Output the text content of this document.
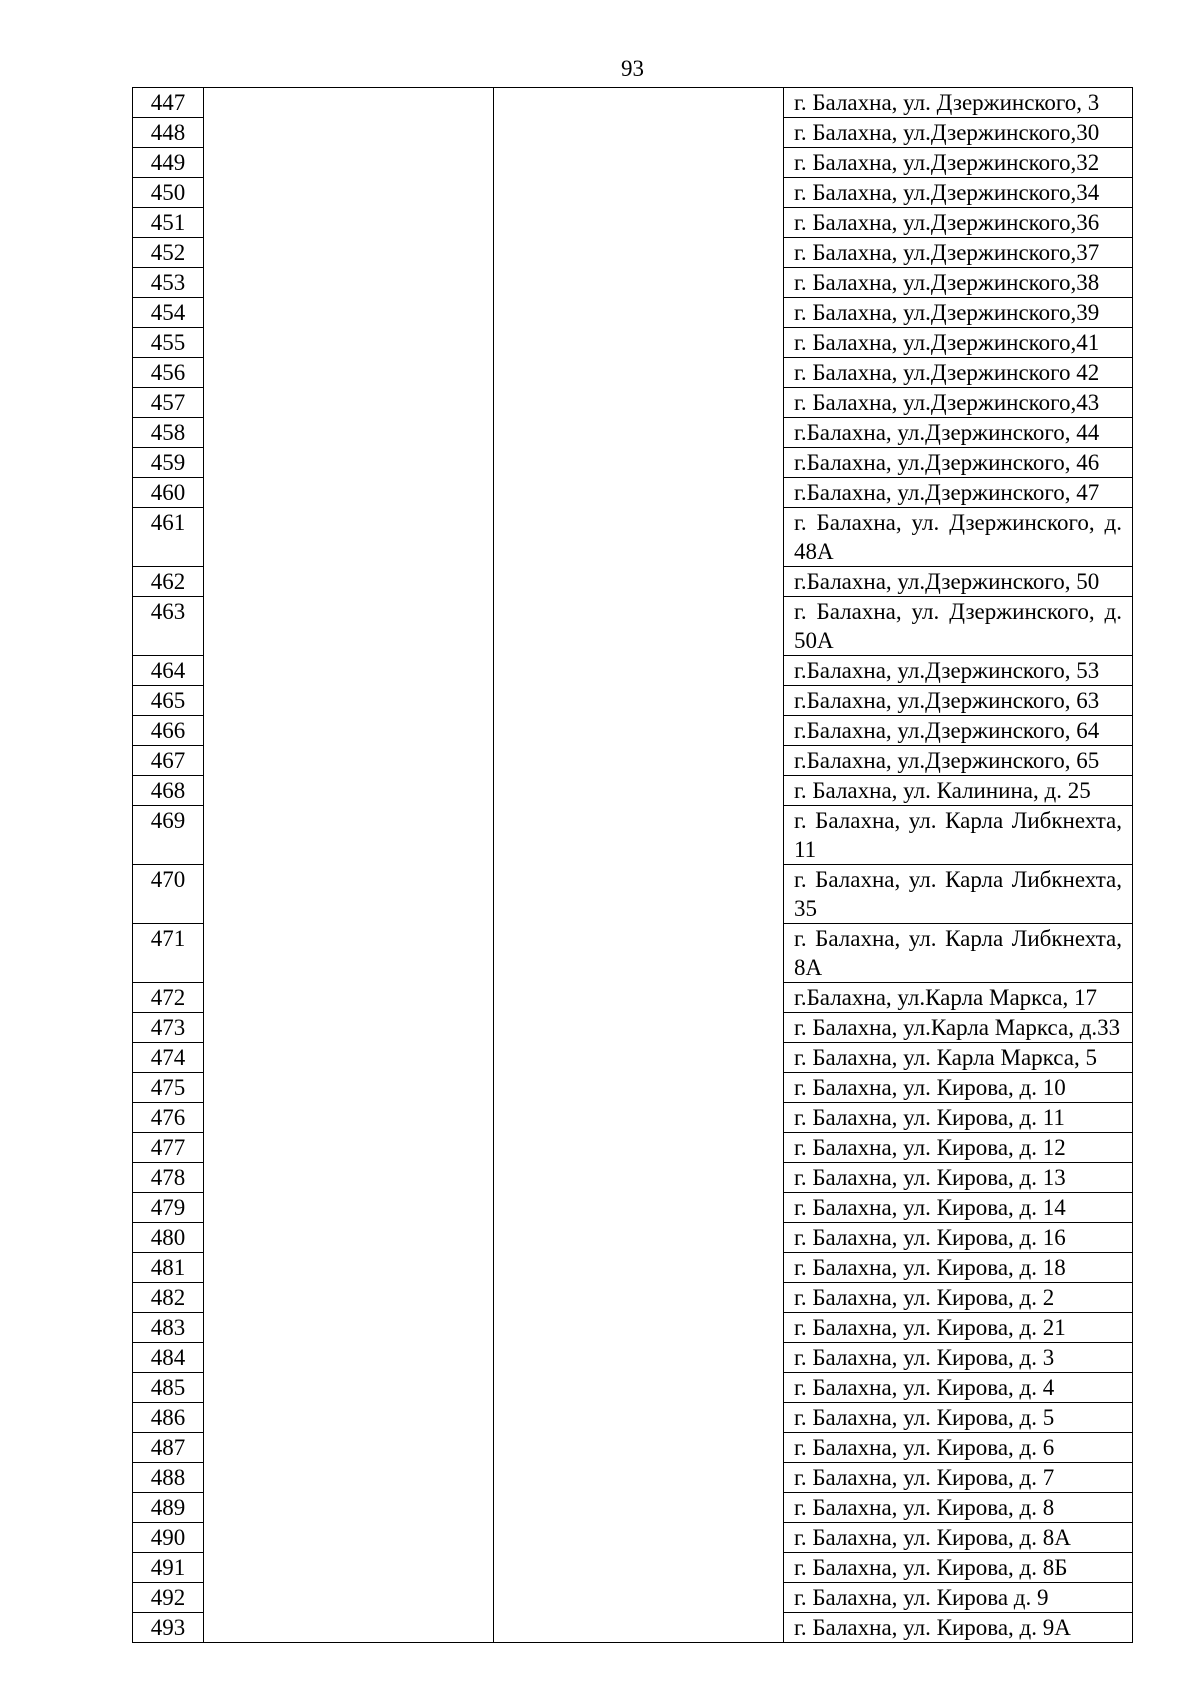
93
447			г. Балахна, ул. Дзержинского, 3
448			г. Балахна, ул.Дзержинского,30
449			г. Балахна, ул.Дзержинского,32
450			г. Балахна, ул.Дзержинского,34
451			г. Балахна, ул.Дзержинского,36
452			г. Балахна, ул.Дзержинского,37
453			г. Балахна, ул.Дзержинского,38
454			г. Балахна, ул.Дзержинского,39
455			г. Балахна, ул.Дзержинского,41
456			г. Балахна, ул.Дзержинского 42
457			г. Балахна, ул.Дзержинского,43
458			г.Балахна, ул.Дзержинского, 44
459			г.Балахна, ул.Дзержинского, 46
460			г.Балахна, ул.Дзержинского, 47
461			г. Балахна, ул. Дзержинского, д. 48А
462			г.Балахна, ул.Дзержинского, 50
463			г. Балахна, ул. Дзержинского, д. 50А
464			г.Балахна, ул.Дзержинского, 53
465			г.Балахна, ул.Дзержинского, 63
466			г.Балахна, ул.Дзержинского, 64
467			г.Балахна, ул.Дзержинского, 65
468			г. Балахна, ул. Калинина, д. 25
469			г. Балахна, ул. Карла Либкнехта, 11
470			г. Балахна, ул. Карла Либкнехта, 35
471			г. Балахна, ул. Карла Либкнехта, 8А
472			г.Балахна, ул.Карла Маркса, 17
473			г. Балахна, ул.Карла Маркса, д.33
474			г. Балахна, ул. Карла Маркса, 5
475			г. Балахна, ул. Кирова, д. 10
476			г. Балахна, ул. Кирова, д. 11
477			г. Балахна, ул. Кирова, д. 12
478			г. Балахна, ул. Кирова, д. 13
479			г. Балахна, ул. Кирова, д. 14
480			г. Балахна, ул. Кирова, д. 16
481			г. Балахна, ул. Кирова, д. 18
482			г. Балахна, ул. Кирова, д. 2
483			г. Балахна, ул. Кирова, д. 21
484			г. Балахна, ул. Кирова, д. 3
485			г. Балахна, ул. Кирова, д. 4
486			г. Балахна, ул. Кирова, д. 5
487			г. Балахна, ул. Кирова, д. 6
488			г. Балахна, ул. Кирова, д. 7
489			г. Балахна, ул. Кирова, д. 8
490			г. Балахна, ул. Кирова, д. 8А
491			г. Балахна, ул. Кирова, д. 8Б
492			г. Балахна, ул. Кирова д. 9
493			г. Балахна, ул. Кирова, д. 9А
